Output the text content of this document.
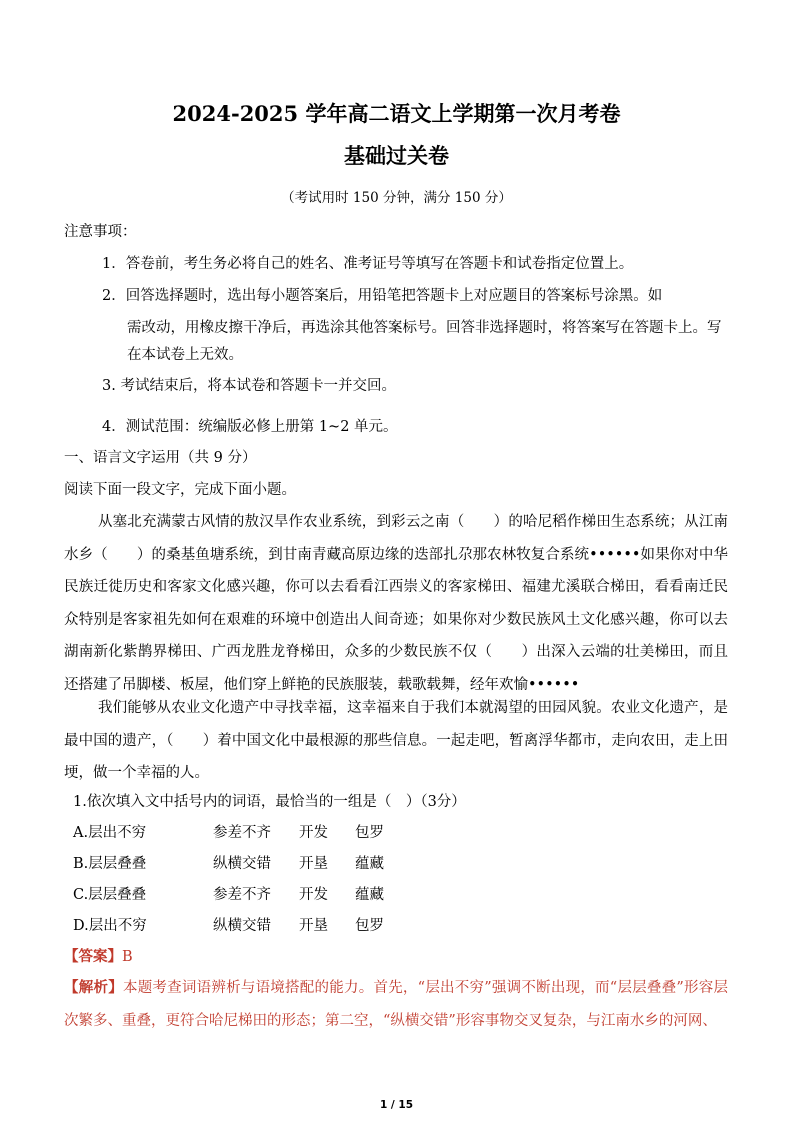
2024-2025 学年高二语文上学期第一次月考卷
基础过关卷
（考试用时 150 分钟，满分 150 分）
注意事项：
1．答卷前，考生务必将自己的姓名、准考证号等填写在答题卡和试卷指定位置上。
2．回答选择题时，选出每小题答案后，用铅笔把答题卡上对应题目的答案标号涂黑。如
需改动，用橡皮擦干净后，再选涂其他答案标号。回答非选择题时，将答案写在答题卡上。写
在本试卷上无效。
3. 考试结束后，将本试卷和答题卡一并交回。
4．测试范围：统编版必修上册第 1~2 单元。
一、语言文字运用（共 9 分）
阅读下面一段文字，完成下面小题。
从塞北充满蒙古风情的敖汉旱作农业系统，到彩云之南（　　）的哈尼稻作梯田生态系统；从江南水乡（　　）的桑基鱼塘系统，到甘南青藏高原边缘的迭部扎尕那农林牧复合系统••••••如果你对中华民族迁徙历史和客家文化感兴趣，你可以去看看江西崇义的客家梯田、福建尤溪联合梯田，看看南迁民众特别是客家祖先如何在艰难的环境中创造出人间奇迹；如果你对少数民族风土文化感兴趣，你可以去湖南新化紫鹊界梯田、广西龙胜龙脊梯田，众多的少数民族不仅（　　）出深入云端的壮美梯田，而且还搭建了吊脚楼、板屋，他们穿上鲜艳的民族服装，载歌载舞，经年欢愉••••••
我们能够从农业文化遗产中寻找幸福，这幸福来自于我们本就渴望的田园风貌。农业文化遗产，是最中国的遗产，（　　）着中国文化中最根源的那些信息。一起走吧，暂离浮华都市，走向农田，走上田埂，做一个幸福的人。
1.依次填入文中括号内的词语，最恰当的一组是（　）（3分）
A.层出不穷	参差不齐 开发 包罗
B.层层叠叠	纵横交错 开垦 蕴藏
C.层层叠叠	参差不齐 开发 蕴藏
D.层出不穷	纵横交错 开垦 包罗
【答案】B
【解析】本题考查词语辨析与语境搭配的能力。首先，“层出不穷”强调不断出现，而“层层叠叠”形容层次繁多、重叠，更符合哈尼梯田的形态；第二空，“纵横交错”形容事物交叉复杂，与江南水乡的河网、
1 / 15
